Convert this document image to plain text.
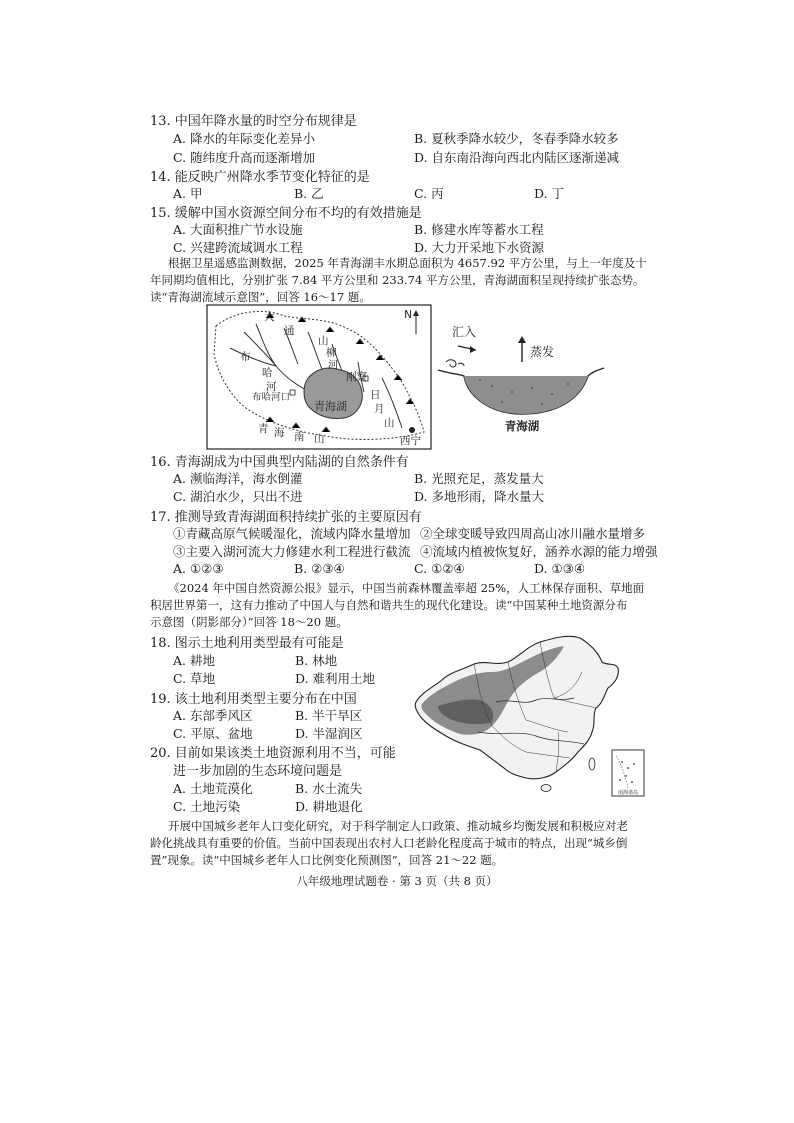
13. 中国年降水量的时空分布规律是
A. 降水的年际变化差异小	B. 夏秋季降水较少，冬春季降水较多
C. 随纬度升高而逐渐增加	D. 自东南沿海向西北内陆区逐渐递减
14. 能反映广州降水季节变化特征的是
A. 甲	B. 乙	C. 丙	D. 丁
15. 缓解中国水资源空间分布不均的有效措施是
A. 大面积推广节水设施	B. 修建水库等蓄水工程
C. 兴建跨流域调水工程	D. 大力开采地下水资源
根据卫星遥感监测数据，2025 年青海湖丰水期总面积为 4657.92 平方公里，与上一年度及十
年同期均值相比，分别扩张 7.84 平方公里和 233.74 平方公里，青海湖面积呈现持续扩张态势。
读“青海湖流域示意图”，回答 16～17 题。
N
大
通
山
布
哈
河
布哈河口
柳
河
刚察
青海湖
日
月
山
青 海 南 山	西宁
汇入
蒸发
青海湖
16. 青海湖成为中国典型内陆湖的自然条件有
A. 濒临海洋，海水倒灌	B. 光照充足，蒸发量大
C. 湖泊水少，只出不进	D. 多地形雨，降水量大
17. 推测导致青海湖面积持续扩张的主要原因有
①青藏高原气候暖湿化，流域内降水量增加 ②全球变暖导致四周高山冰川融水量增多
③主要入湖河流大力修建水利工程进行截流 ④流域内植被恢复好，涵养水源的能力增强
A. ①②③	B. ②③④	C. ①②④	D. ①③④
《2024 年中国自然资源公报》显示，中国当前森林覆盖率超 25%，人工林保存面积、草地面
积居世界第一，这有力推动了中国人与自然和谐共生的现代化建设。读“中国某种土地资源分布
示意图（阴影部分）”回答 18～20 题。
18. 图示土地利用类型最有可能是
A. 耕地	B. 林地
C. 草地	D. 难利用土地
19. 该土地利用类型主要分布在中国
A. 东部季风区	B. 半干旱区
C. 平原、盆地	D. 半湿润区
20. 目前如果该类土地资源利用不当，可能
进一步加剧的生态环境问题是
A. 土地荒漠化	B. 水土流失
C. 土地污染	D. 耕地退化
南海诸岛
开展中国城乡老年人口变化研究，对于科学制定人口政策、推动城乡均衡发展和积极应对老
龄化挑战具有重要的价值。当前中国表现出农村人口老龄化程度高于城市的特点，出现“城乡倒
置”现象。读“中国城乡老年人口比例变化预测图”，回答 21～22 题。
八年级地理试题卷 · 第 3 页（共 8 页）
